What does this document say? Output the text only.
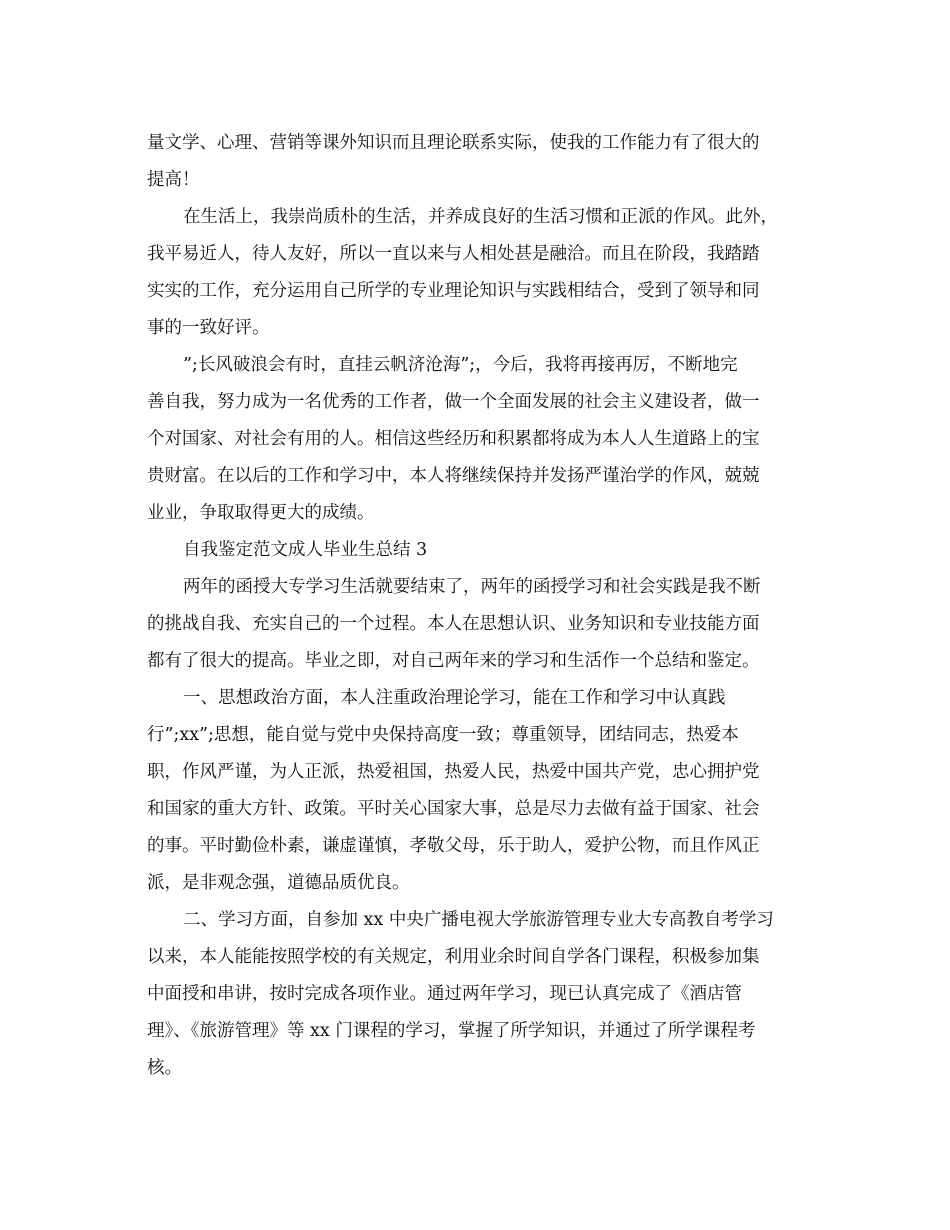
量文学、心理、营销等课外知识而且理论联系实际，使我的工作能力有了很大的

提高！

在生活上，我崇尚质朴的生活，并养成良好的生活习惯和正派的作风。此外，

我平易近人，待人友好，所以一直以来与人相处甚是融洽。而且在阶段，我踏踏

实实的工作，充分运用自己所学的专业理论知识与实践相结合，受到了领导和同

事的一致好评。

”;长风破浪会有时，直挂云帆济沧海”;，今后，我将再接再厉，不断地完

善自我，努力成为一名优秀的工作者，做一个全面发展的社会主义建设者，做一

个对国家、对社会有用的人。相信这些经历和积累都将成为本人人生道路上的宝

贵财富。在以后的工作和学习中，本人将继续保持并发扬严谨治学的作风，兢兢

业业，争取取得更大的成绩。

自我鉴定范文成人毕业生总结 3

两年的函授大专学习生活就要结束了，两年的函授学习和社会实践是我不断

的挑战自我、充实自己的一个过程。本人在思想认识、业务知识和专业技能方面

都有了很大的提高。毕业之即，对自己两年来的学习和生活作一个总结和鉴定。

一、思想政治方面，本人注重政治理论学习，能在工作和学习中认真践

行”;xx”;思想，能自觉与党中央保持高度一致；尊重领导，团结同志，热爱本

职，作风严谨，为人正派，热爱祖国，热爱人民，热爱中国共产党，忠心拥护党

和国家的重大方针、政策。平时关心国家大事，总是尽力去做有益于国家、社会

的事。平时勤俭朴素，谦虚谨慎，孝敬父母，乐于助人，爱护公物，而且作风正

派，是非观念强，道德品质优良。

二、学习方面，自参加 xx 中央广播电视大学旅游管理专业大专高教自考学习

以来，本人能能按照学校的有关规定，利用业余时间自学各门课程，积极参加集

中面授和串讲，按时完成各项作业。通过两年学习，现已认真完成了《酒店管

理》、《旅游管理》等 xx 门课程的学习，掌握了所学知识，并通过了所学课程考

核。
